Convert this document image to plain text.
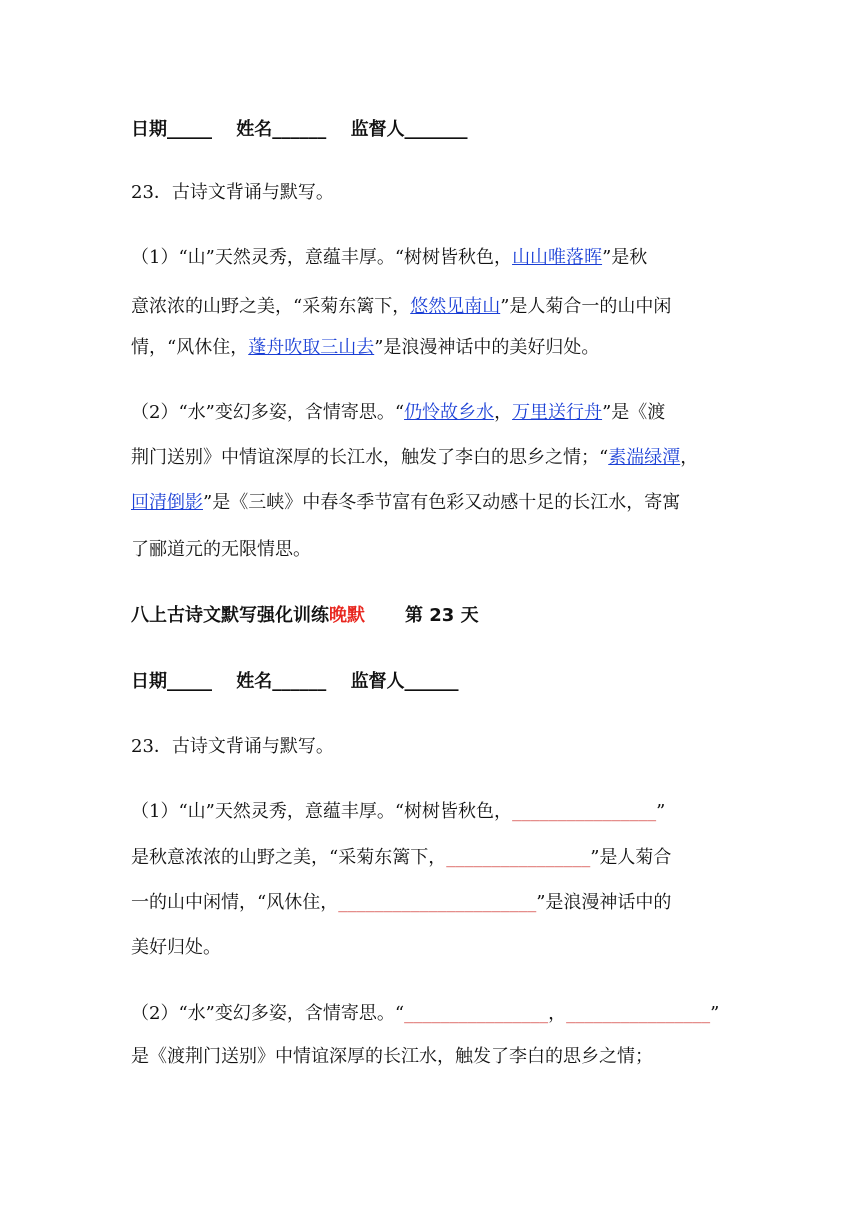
日期_____ 姓名______ 监督人_______
23．古诗文背诵与默写。
（1）“山”天然灵秀，意蕴丰厚。“树树皆秋色，山山唯落晖”是秋
意浓浓的山野之美，“采菊东篱下，悠然见南山”是人菊合一的山中闲
情，“风休住，蓬舟吹取三山去”是浪漫神话中的美好归处。
（2）“水”变幻多姿，含情寄思。“仍怜故乡水，万里送行舟”是《渡
荆门送别》中情谊深厚的长江水，触发了李白的思乡之情；“素湍绿潭，
回清倒影”是《三峡》中春冬季节富有色彩又动感十足的长江水，寄寓
了郦道元的无限情思。
八上古诗文默写强化训练晚默 第 23 天
日期_____ 姓名______ 监督人______
23．古诗文背诵与默写。
（1）“山”天然灵秀，意蕴丰厚。“树树皆秋色，________________”
是秋意浓浓的山野之美，“采菊东篱下，________________”是人菊合
一的山中闲情，“风休住，______________________”是浪漫神话中的
美好归处。
（2）“水”变幻多姿，含情寄思。“________________，________________”
是《渡荆门送别》中情谊深厚的长江水，触发了李白的思乡之情；
